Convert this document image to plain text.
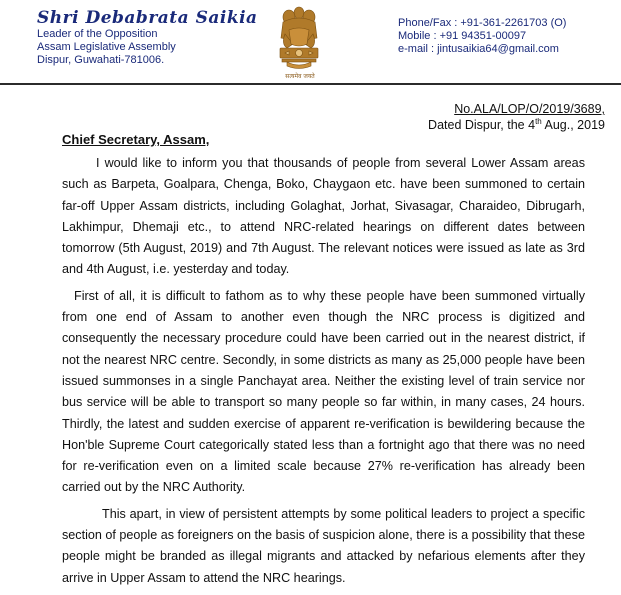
Shri Debabrata Saikia
Leader of the Opposition
Assam Legislative Assembly
Dispur, Guwahati-781006.
सत्यमेव जयते
Phone/Fax : +91-361-2261703 (O)
Mobile : +91 94351-00097
e-mail : jintusaikia64@gmail.com
No.ALA/LOP/O/2019/3689,
Dated Dispur, the 4th Aug., 2019
Chief Secretary, Assam,

I would like to inform you that thousands of people from several Lower Assam areas such as Barpeta, Goalpara, Chenga, Boko, Chaygaon etc. have been summoned to certain far-off Upper Assam districts, including Golaghat, Jorhat, Sivasagar, Charaideo, Dibrugarh, Lakhimpur, Dhemaji etc., to attend NRC-related hearings on different dates between tomorrow (5th August, 2019) and 7th August. The relevant notices were issued as late as 3rd and 4th August, i.e. yesterday and today.

First of all, it is difficult to fathom as to why these people have been summoned virtually from one end of Assam to another even though the NRC process is digitized and consequently the necessary procedure could have been carried out in the nearest district, if not the nearest NRC centre. Secondly, in some districts as many as 25,000 people have been issued summonses in a single Panchayat area. Neither the existing level of train service nor bus service will be able to transport so many people so far within, in many cases, 24 hours. Thirdly, the latest and sudden exercise of apparent re-verification is bewildering because the Hon'ble Supreme Court categorically stated less than a fortnight ago that there was no need for re-verification even on a limited scale because 27% re-verification has already been carried out by the NRC Authority.

This apart, in view of persistent attempts by some political leaders to project a specific section of people as foreigners on the basis of suspicion alone, there is a possibility that these people might be branded as illegal migrants and attacked by nefarious elements after they arrive in Upper Assam to attend the NRC hearings.
